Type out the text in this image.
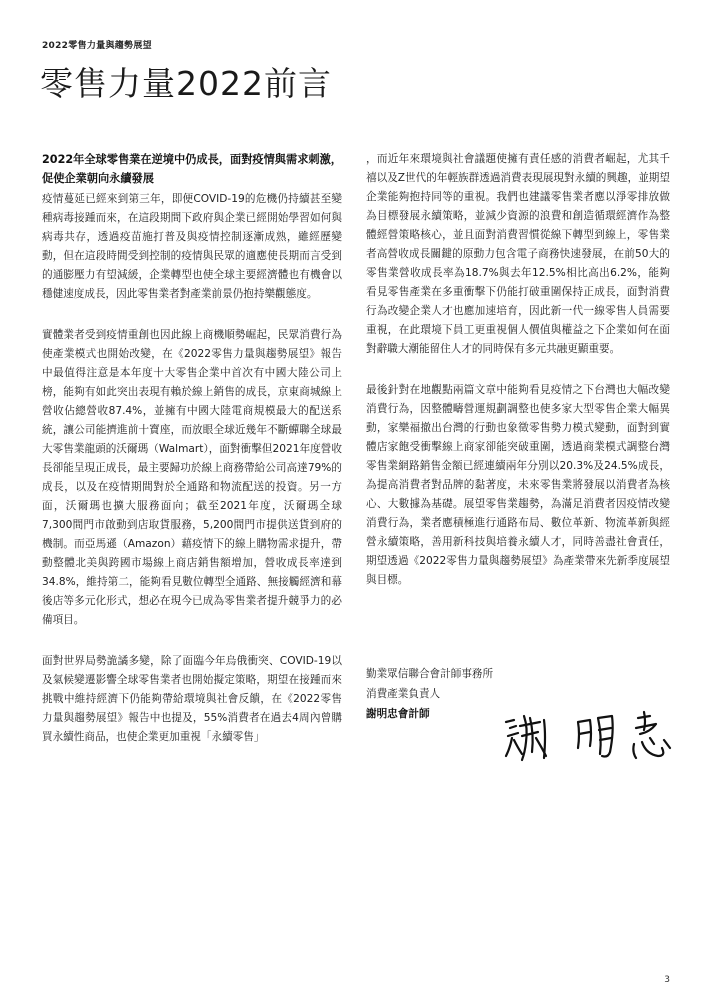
2022零售力量與趨勢展望
零售力量2022前言

2022年全球零售業在逆境中仍成長，面對疫情與需求刺激，促使企業朝向永續發展

疫情蔓延已經來到第三年，即便COVID-19的危機仍持續甚至變種病毒接踵而來，在這段期間下政府與企業已經開始學習如何與病毒共存，透過疫苗施打普及與疫情控制逐漸成熟，雖經歷變動，但在這段時間受到控制的疫情與民眾的適應使長期而言受到的通膨壓力有望減緩，企業轉型也使全球主要經濟體也有機會以穩健速度成長，因此零售業者對產業前景仍抱持樂觀態度。

實體業者受到疫情重創也因此線上商機順勢崛起，民眾消費行為使產業模式也開始改變，在《2022零售力量與趨勢展望》報告中最值得注意是本年度十大零售企業中首次有中國大陸公司上榜，能夠有如此突出表現有賴於線上銷售的成長，京東商城線上營收佔總營收87.4%，並擁有中國大陸電商規模最大的配送系統，讓公司能擠進前十寶座，而放眼全球近幾年不斷蟬聯全球最大零售業龍頭的沃爾瑪（Walmart），面對衝擊但2021年度營收長卻能呈現正成長，最主要歸功於線上商務帶給公司高達79%的成長，以及在疫情期間對於全通路和物流配送的投資。另一方面，沃爾瑪也擴大服務面向；截至2021年度，沃爾瑪全球7,300間門市啟動到店取貨服務，5,200間門市提供送貨到府的機制。而亞馬遜（Amazon）藉疫情下的線上購物需求提升，帶動整體北美與跨國市場線上商店銷售額增加，營收成長率達到34.8%，維持第二，能夠看見數位轉型全通路、無接觸經濟和幕後店等多元化形式，想必在現今已成為零售業者提升競爭力的必備項目。

面對世界局勢詭譎多變，除了面臨今年烏俄衝突、COVID-19以及氣候變遷影響全球零售業者也開始擬定策略，期望在接踵而來挑戰中維持經濟下仍能夠帶給環境與社會反饋，在《2022零售力量與趨勢展望》報告中也提及，55%消費者在過去4周內曾購買永續性商品，也使企業更加重視「永續零售」

，而近年來環境與社會議題使擁有責任感的消費者崛起，尤其千禧以及Z世代的年輕族群透過消費表現展現對永續的興趣，並期望企業能夠抱持同等的重視。我們也建議零售業者應以淨零排放做為目標發展永續策略，並減少資源的浪費和創造循環經濟作為整體經營策略核心，並且面對消費習慣從線下轉型到線上，零售業者高營收成長關鍵的原動力包含電子商務快速發展，在前50大的零售業營收成長率為18.7%與去年12.5%相比高出6.2%，能夠看見零售產業在多重衝擊下仍能打破重圍保持正成長，面對消費行為改變企業人才也應加速培育，因此新一代一線零售人員需要重視，在此環境下員工更重視個人價值與權益之下企業如何在面對辭職大潮能留住人才的同時保有多元共融更顯重要。

最後針對在地觀點兩篇文章中能夠看見疫情之下台灣也大幅改變消費行為，因整體疇營運規劃調整也使多家大型零售企業大幅異動，家樂福撤出台灣的行動也象徵零售勢力模式變動，面對到實體店家飽受衝擊線上商家卻能突破重圍，透過商業模式調整台灣零售業網路銷售金額已經連續兩年分別以20.3%及24.5%成長，為提高消費者對品牌的黏著度，未來零售業將發展以消費者為核心、大數據為基礎。展望零售業趨勢，為滿足消費者因疫情改變消費行為，業者應積極進行通路布局、數位革新、物流革新與經營永續策略，善用新科技與培養永續人才，同時善盡社會責任，期望透過《2022零售力量與趨勢展望》為產業帶來先新季度展望與目標。

勤業眾信聯合會計師事務所
消費產業負責人
謝明忠會計師
3
